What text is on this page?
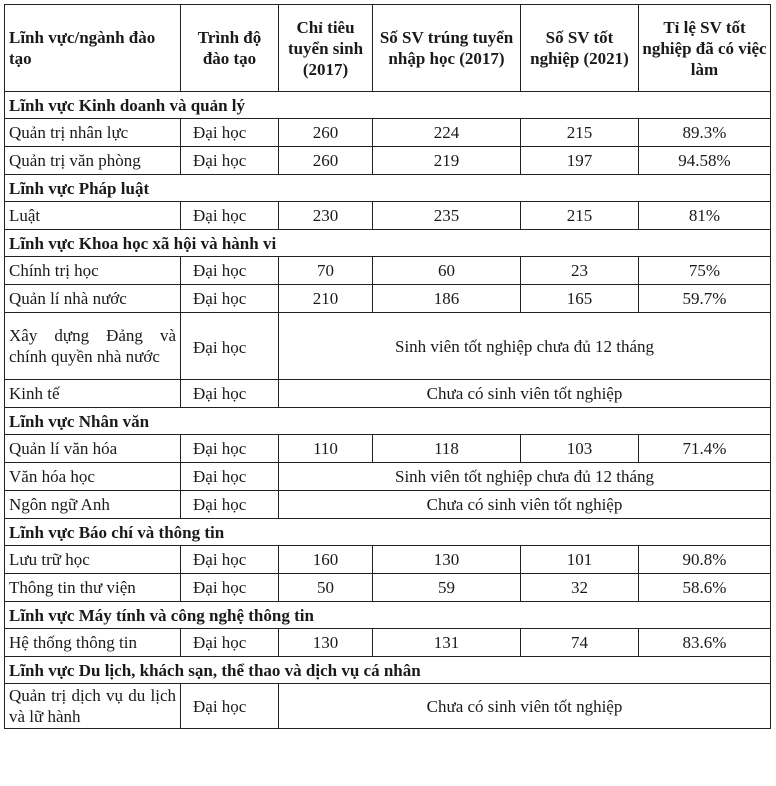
Lĩnh vực/ngành đào tạo	Trình độ đào tạo	Chỉ tiêu tuyển sinh (2017)	Số SV trúng tuyển nhập học (2017)	Số SV tốt nghiệp (2021)	Tỉ lệ SV tốt nghiệp đã có việc làm
Lĩnh vực Kinh doanh và quản lý					
Quản trị nhân lực	Đại học	260	224	215	89.3%
Quản trị văn phòng	Đại học	260	219	197	94.58%
Lĩnh vực Pháp luật					
Luật	Đại học	230	235	215	81%
Lĩnh vực Khoa học xã hội và hành vi					
Chính trị học	Đại học	70	60	23	75%
Quản lí nhà nước	Đại học	210	186	165	59.7%
Xây dựng Đảng và chính quyền nhà nước	Đại học	Sinh viên tốt nghiệp chưa đủ 12 tháng			
Kinh tế	Đại học	Chưa có sinh viên tốt nghiệp			
Lĩnh vực Nhân văn					
Quản lí văn hóa	Đại học	110	118	103	71.4%
Văn hóa học	Đại học	Sinh viên tốt nghiệp chưa đủ 12 tháng			
Ngôn ngữ Anh	Đại học	Chưa có sinh viên tốt nghiệp			
Lĩnh vực Báo chí và thông tin					
Lưu trữ học	Đại học	160	130	101	90.8%
Thông tin thư viện	Đại học	50	59	32	58.6%
Lĩnh vực Máy tính và công nghệ thông tin					
Hệ thống thông tin	Đại học	130	131	74	83.6%
Lĩnh vực Du lịch, khách sạn, thể thao và dịch vụ cá nhân					
Quản trị dịch vụ du lịch và lữ hành	Đại học	Chưa có sinh viên tốt nghiệp			
